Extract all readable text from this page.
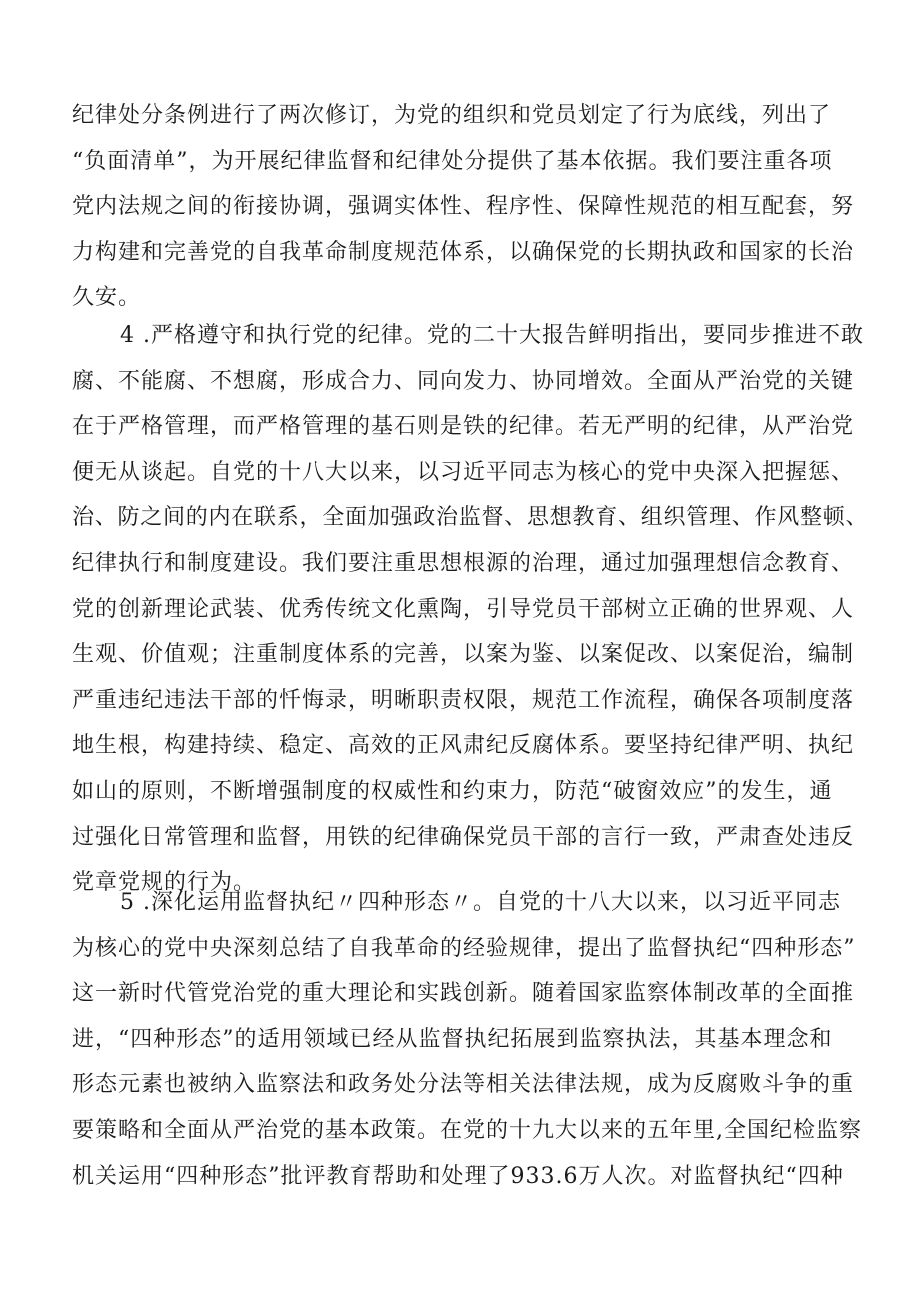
纪律处分条例进行了两次修订，为党的组织和党员划定了行为底线，列出了
“负面清单”，为开展纪律监督和纪律处分提供了基本依据。我们要注重各项
党内法规之间的衔接协调，强调实体性、程序性、保障性规范的相互配套，努
力构建和完善党的自我革命制度规范体系，以确保党的长期执政和国家的长治
久安。
4 .严格遵守和执行党的纪律。党的二十大报告鲜明指出，要同步推进不敢
腐、不能腐、不想腐，形成合力、同向发力、协同增效。全面从严治党的关键
在于严格管理，而严格管理的基石则是铁的纪律。若无严明的纪律，从严治党
便无从谈起。自党的十八大以来，以习近平同志为核心的党中央深入把握惩、
治、防之间的内在联系，全面加强政治监督、思想教育、组织管理、作风整顿、
纪律执行和制度建设。我们要注重思想根源的治理，通过加强理想信念教育、
党的创新理论武装、优秀传统文化熏陶，引导党员干部树立正确的世界观、人
生观、价值观；注重制度体系的完善，以案为鉴、以案促改、以案促治，编制
严重违纪违法干部的忏悔录，明晰职责权限，规范工作流程，确保各项制度落
地生根，构建持续、稳定、高效的正风肃纪反腐体系。要坚持纪律严明、执纪
如山的原则，不断增强制度的权威性和约束力，防范“破窗效应”的发生，通
过强化日常管理和监督，用铁的纪律确保党员干部的言行一致，严肃查处违反
党章党规的行为。
5 .深化运用监督执纪〃四种形态〃。自党的十八大以来，以习近平同志
为核心的党中央深刻总结了自我革命的经验规律，提出了监督执纪“四种形态”
这一新时代管党治党的重大理论和实践创新。随着国家监察体制改革的全面推
进，“四种形态”的适用领域已经从监督执纪拓展到监察执法，其基本理念和
形态元素也被纳入监察法和政务处分法等相关法律法规，成为反腐败斗争的重
要策略和全面从严治党的基本政策。在党的十九大以来的五年里,全国纪检监察
机关运用“四种形态”批评教育帮助和处理了933.6万人次。对监督执纪“四种
